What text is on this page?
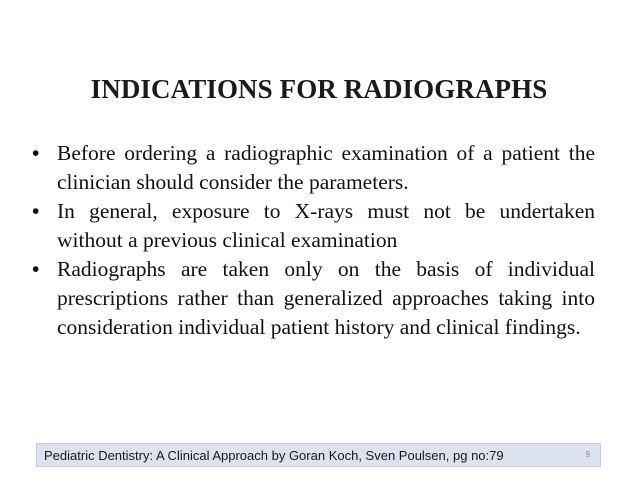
INDICATIONS FOR RADIOGRAPHS
• Before ordering a radiographic examination of a patient the clinician should consider the parameters.
• In general, exposure to X-rays must not be undertaken without a previous clinical examination
• Radiographs are taken only on the basis of individual prescriptions rather than generalized approaches taking into consideration individual patient history and clinical findings.
Pediatric Dentistry: A Clinical Approach by Goran Koch, Sven Poulsen, pg no:79	9
